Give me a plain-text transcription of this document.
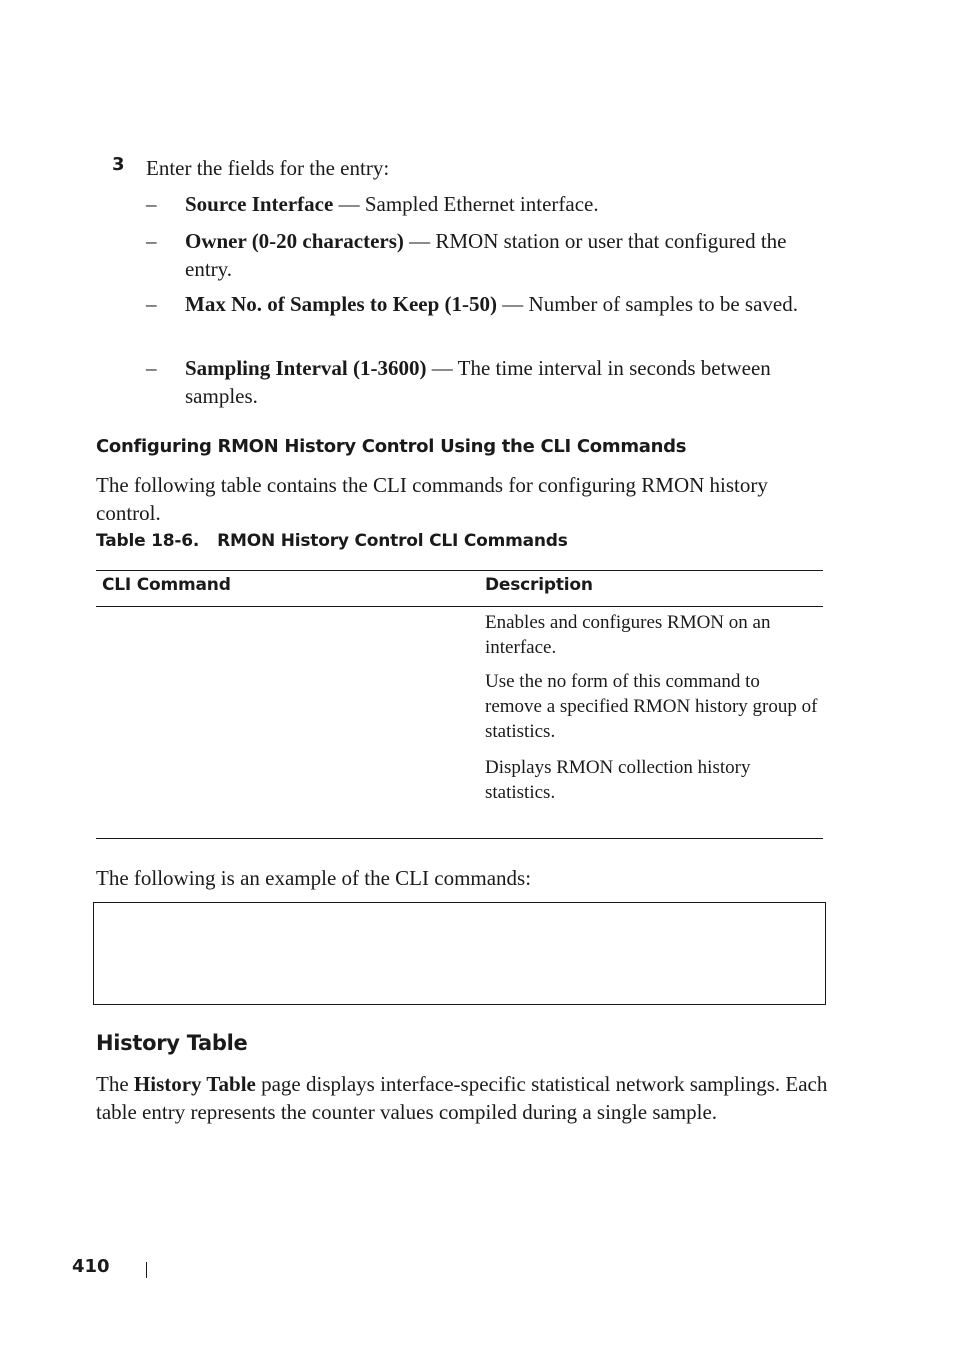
3 Enter the fields for the entry:
– Source Interface — Sampled Ethernet interface.
– Owner (0-20 characters) — RMON station or user that configured the entry.
– Max No. of Samples to Keep (1-50) — Number of samples to be saved.
– Sampling Interval (1-3600) — The time interval in seconds between samples.
Configuring RMON History Control Using the CLI Commands
The following table contains the CLI commands for configuring RMON history control.
Table 18-6. RMON History Control CLI Commands
CLI Command	Description
Enables and configures RMON on an interface.
Use the no form of this command to remove a specified RMON history group of statistics.
Displays RMON collection history statistics.
The following is an example of the CLI commands:
History Table
The History Table page displays interface-specific statistical network samplings. Each table entry represents the counter values compiled during a single sample.
410
